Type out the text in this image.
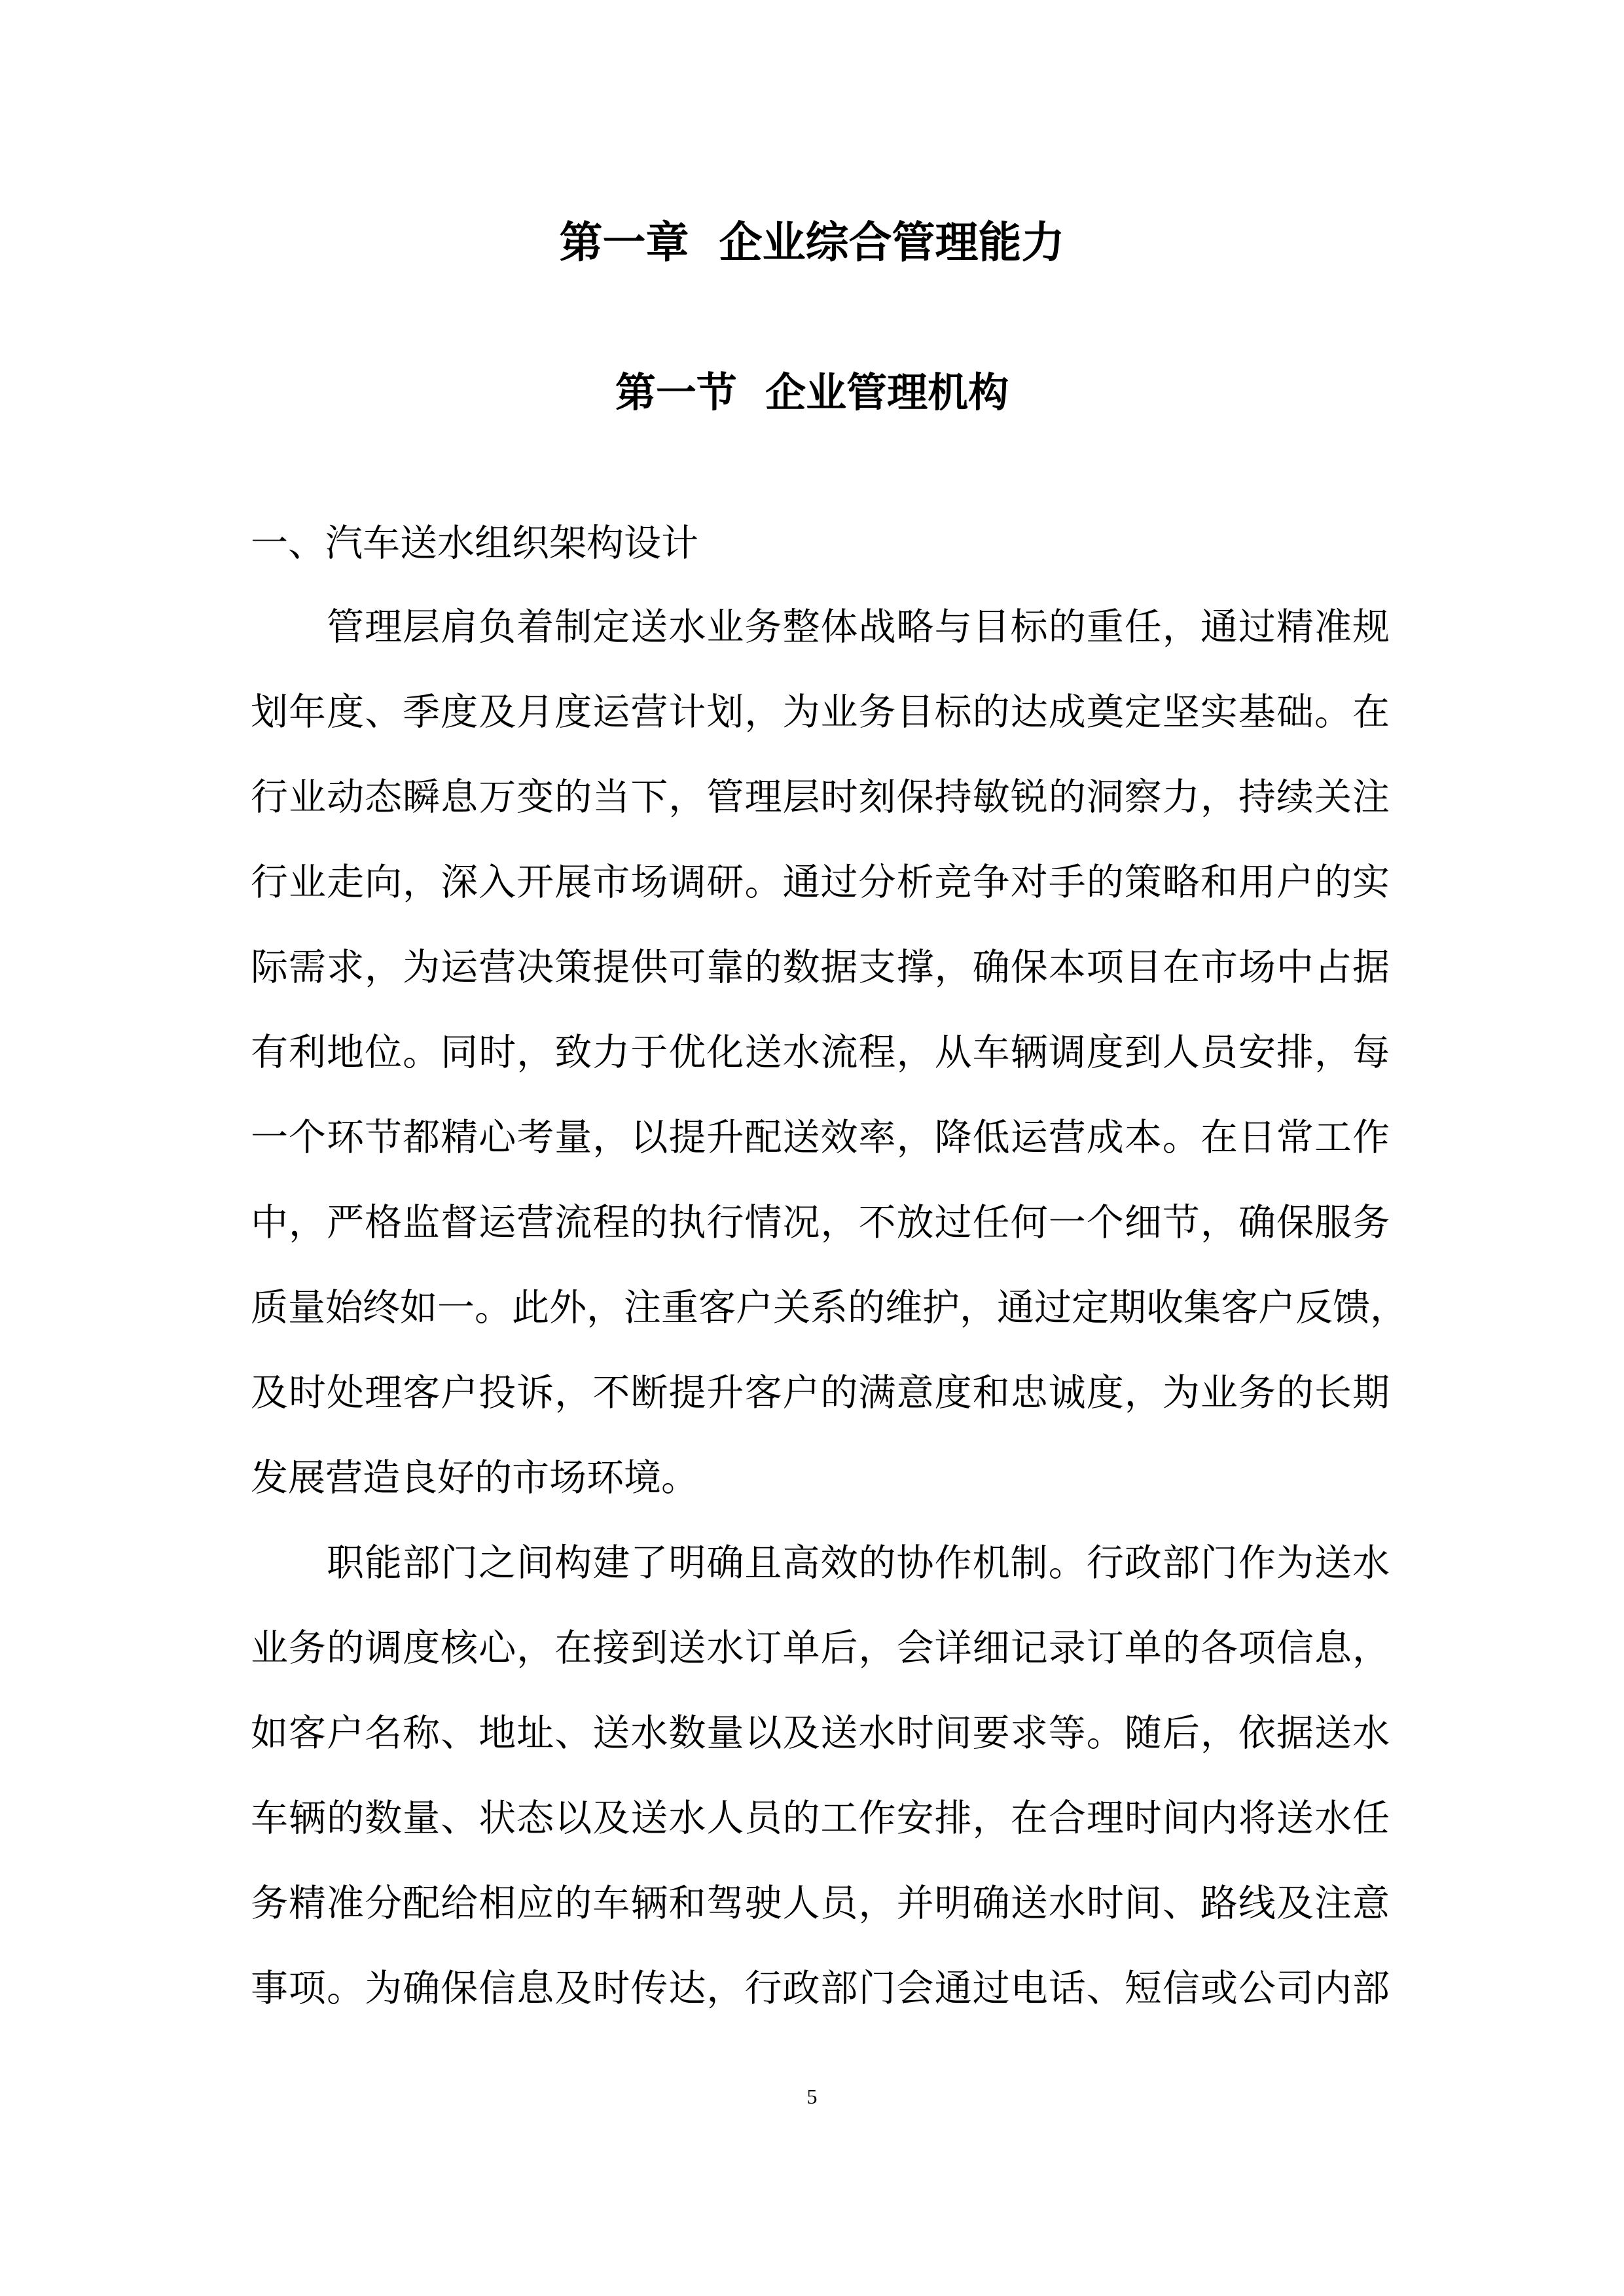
第一章  企业综合管理能力
第一节  企业管理机构
一、汽车送水组织架构设计
管理层肩负着制定送水业务整体战略与目标的重任，通过精准规
划年度、季度及月度运营计划，为业务目标的达成奠定坚实基础。在
行业动态瞬息万变的当下，管理层时刻保持敏锐的洞察力，持续关注
行业走向，深入开展市场调研。通过分析竞争对手的策略和用户的实
际需求，为运营决策提供可靠的数据支撑，确保本项目在市场中占据
有利地位。同时，致力于优化送水流程，从车辆调度到人员安排，每
一个环节都精心考量，以提升配送效率，降低运营成本。在日常工作
中，严格监督运营流程的执行情况，不放过任何一个细节，确保服务
质量始终如一。此外，注重客户关系的维护，通过定期收集客户反馈，
及时处理客户投诉，不断提升客户的满意度和忠诚度，为业务的长期
发展营造良好的市场环境。
职能部门之间构建了明确且高效的协作机制。行政部门作为送水
业务的调度核心，在接到送水订单后，会详细记录订单的各项信息，
如客户名称、地址、送水数量以及送水时间要求等。随后，依据送水
车辆的数量、状态以及送水人员的工作安排，在合理时间内将送水任
务精准分配给相应的车辆和驾驶人员，并明确送水时间、路线及注意
事项。为确保信息及时传达，行政部门会通过电话、短信或公司内部
5
